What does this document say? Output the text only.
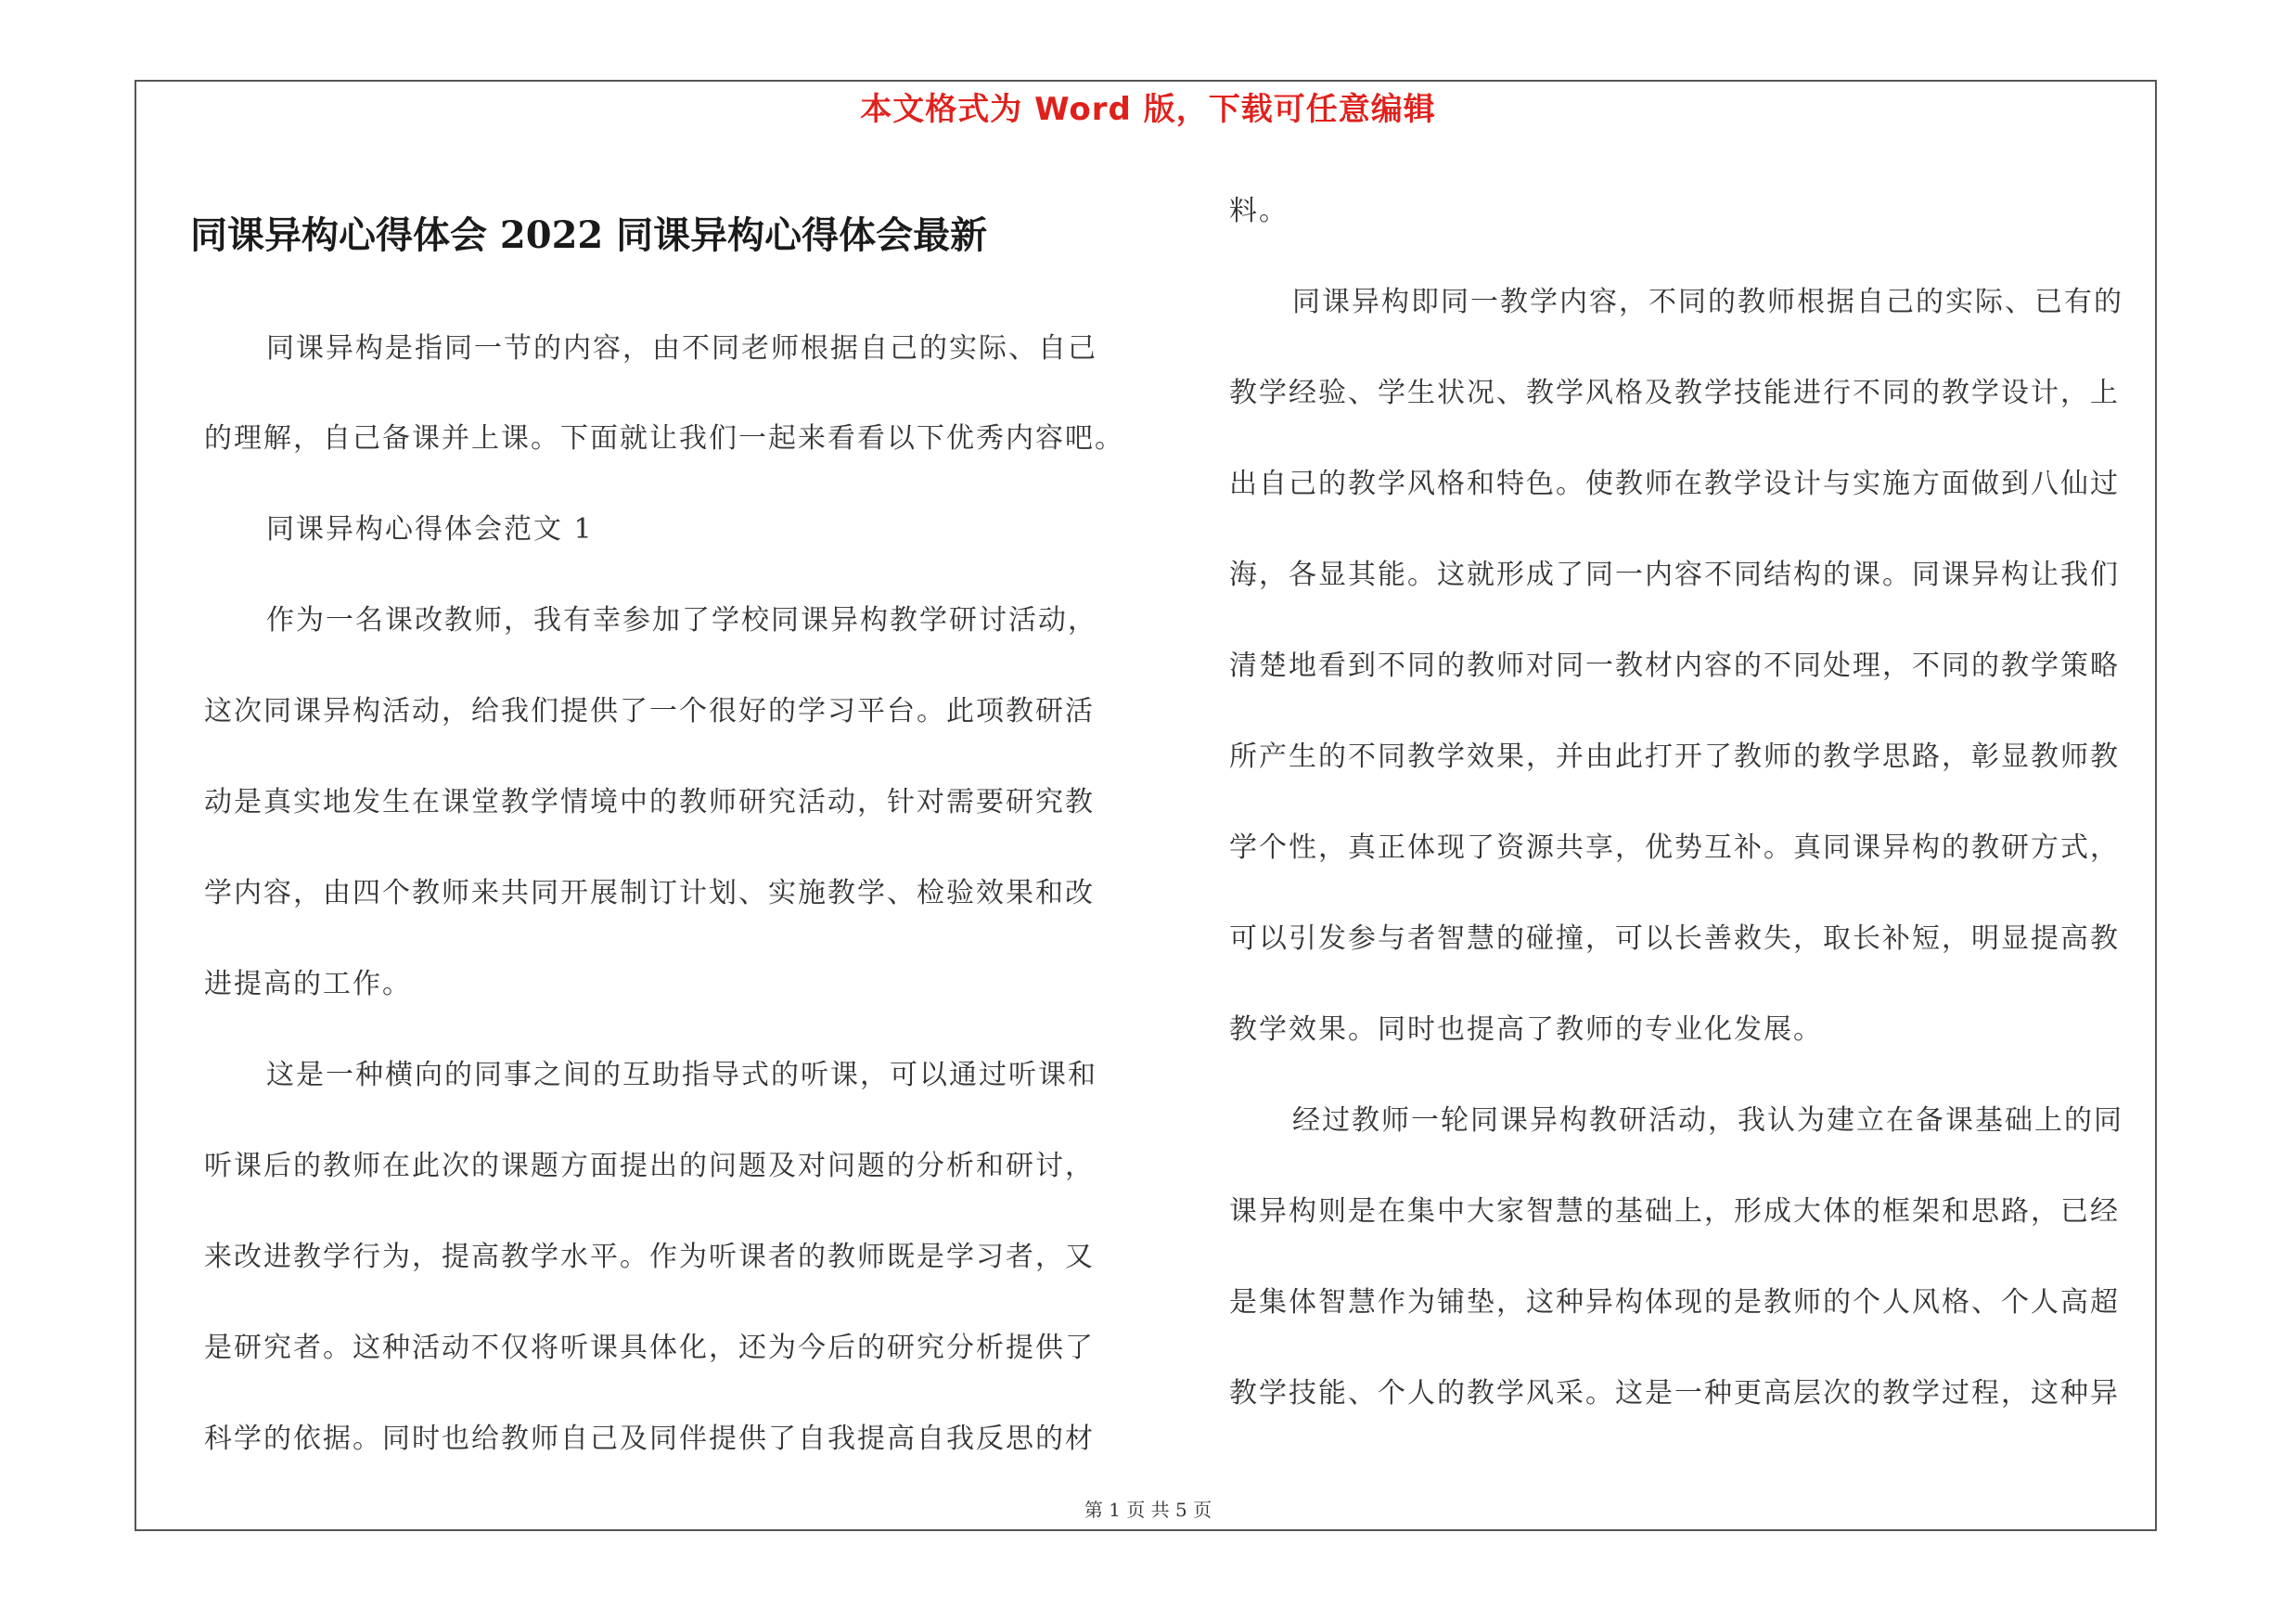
本文格式为 Word 版，下载可任意编辑
同课异构心得体会 2022 同课异构心得体会最新
同课异构是指同一节的内容，由不同老师根据自己的实际、自己
的理解，自己备课并上课。下面就让我们一起来看看以下优秀内容吧。
同课异构心得体会范文 1
作为一名课改教师，我有幸参加了学校同课异构教学研讨活动，
这次同课异构活动，给我们提供了一个很好的学习平台。此项教研活
动是真实地发生在课堂教学情境中的教师研究活动，针对需要研究教
学内容，由四个教师来共同开展制订计划、实施教学、检验效果和改
进提高的工作。
这是一种横向的同事之间的互助指导式的听课，可以通过听课和
听课后的教师在此次的课题方面提出的问题及对问题的分析和研讨，
来改进教学行为，提高教学水平。作为听课者的教师既是学习者，又
是研究者。这种活动不仅将听课具体化，还为今后的研究分析提供了
科学的依据。同时也给教师自己及同伴提供了自我提高自我反思的材
料。
同课异构即同一教学内容，不同的教师根据自己的实际、已有的
教学经验、学生状况、教学风格及教学技能进行不同的教学设计，上
出自己的教学风格和特色。使教师在教学设计与实施方面做到八仙过
海，各显其能。这就形成了同一内容不同结构的课。同课异构让我们
清楚地看到不同的教师对同一教材内容的不同处理，不同的教学策略
所产生的不同教学效果，并由此打开了教师的教学思路，彰显教师教
学个性，真正体现了资源共享，优势互补。真同课异构的教研方式，
可以引发参与者智慧的碰撞，可以长善救失，取长补短，明显提高教
教学效果。同时也提高了教师的专业化发展。
经过教师一轮同课异构教研活动，我认为建立在备课基础上的同
课异构则是在集中大家智慧的基础上，形成大体的框架和思路，已经
是集体智慧作为铺垫，这种异构体现的是教师的个人风格、个人高超
教学技能、个人的教学风采。这是一种更高层次的教学过程，这种异
第 1 页 共 5 页
